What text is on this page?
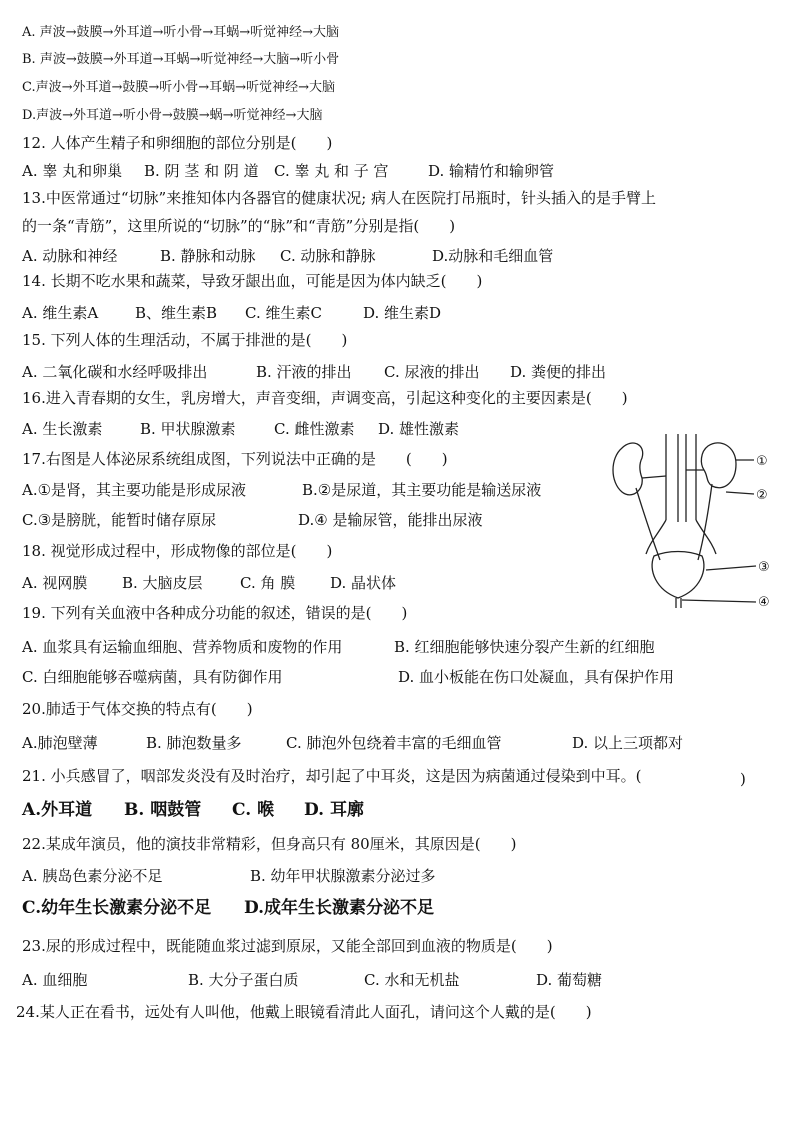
A. 声波→鼓膜→外耳道→听小骨→耳蜗→听觉神经→大脑
B. 声波→鼓膜→外耳道→耳蜗→听觉神经→大脑→听小骨
C.声波→外耳道→鼓膜→听小骨→耳蜗→听觉神经→大脑
D.声波→外耳道→听小骨→鼓膜→蜗→听觉神经→大脑
12. 人体产生精子和卵细胞的部位分别是(　　)
A. 睾 丸和卵巢 B. 阴 茎 和 阴 道 C. 睾 丸 和 子 宫	D. 输精竹和输卵管
13.中医常通过“切脉”来推知体内各器官的健康状况; 病人在医院打吊瓶时，针头插入的是手臂上
的一条“青筋”，这里所说的“切脉”的“脉”和“青筋”分别是指(　　)
A. 动脉和神经	B. 静脉和动脉 C. 动脉和静脉	D.动脉和毛细血管
14. 长期不吃水果和蔬菜，导致牙龈出血，可能是因为体内缺乏(　　)
A. 维生素A B、维生素B C. 维生素C	D. 维生素D
15. 下列人体的生理活动，不属于排泄的是(　　)
A. 二氧化碳和水经呼吸排出	B. 汗液的排出 C. 尿液的排出 D. 粪便的排出
16.进入青春期的女生，乳房增大，声音变细，声调变高，引起这种变化的主要因素是(　　)
A. 生长激素	B. 甲状腺激素	C. 雌性激素 D. 雄性激素
17.右图是人体泌尿系统组成图，下列说法中正确的是　　(　　)
A.①是肾，其主要功能是形成尿液	B.②是尿道，其主要功能是输送尿液
C.③是膀胱，能暂时储存原尿	D.④ 是输尿管，能排出尿液
①
②
③
④
18. 视觉形成过程中，形成物像的部位是(　　)
A. 视网膜 B. 大脑皮层 C. 角 膜 D. 晶状体
19. 下列有关血液中各种成分功能的叙述，错误的是(　　)
A. 血浆具有运输血细胞、营养物质和废物的作用	B. 红细胞能够快速分裂产生新的红细胞
C. 白细胞能够吞噬病菌，具有防御作用	D. 血小板能在伤口处凝血，具有保护作用
20.肺适于气体交换的特点有(　　)
A.肺泡壁薄	B. 肺泡数量多	C. 肺泡外包绕着丰富的毛细血管	D. 以上三项都对
21. 小兵感冒了，咽部发炎没有及时治疗，却引起了中耳炎，这是因为病菌通过侵染到中耳。(	)
A.外耳道 B. 咽鼓管 C. 喉 D. 耳廓
22.某成年演员，他的演技非常精彩，但身高只有 80厘米，其原因是(　　)
A. 胰岛色素分泌不足	B. 幼年甲状腺激素分泌过多
C.幼年生长激素分泌不足 D.成年生长激素分泌不足
23.尿的形成过程中，既能随血浆过滤到原尿，又能全部回到血液的物质是(　　)
A. 血细胞	B. 大分子蛋白质	C. 水和无机盐	D. 葡萄糖
24.某人正在看书，远处有人叫他，他戴上眼镜看清此人面孔，请问这个人戴的是(　　)
